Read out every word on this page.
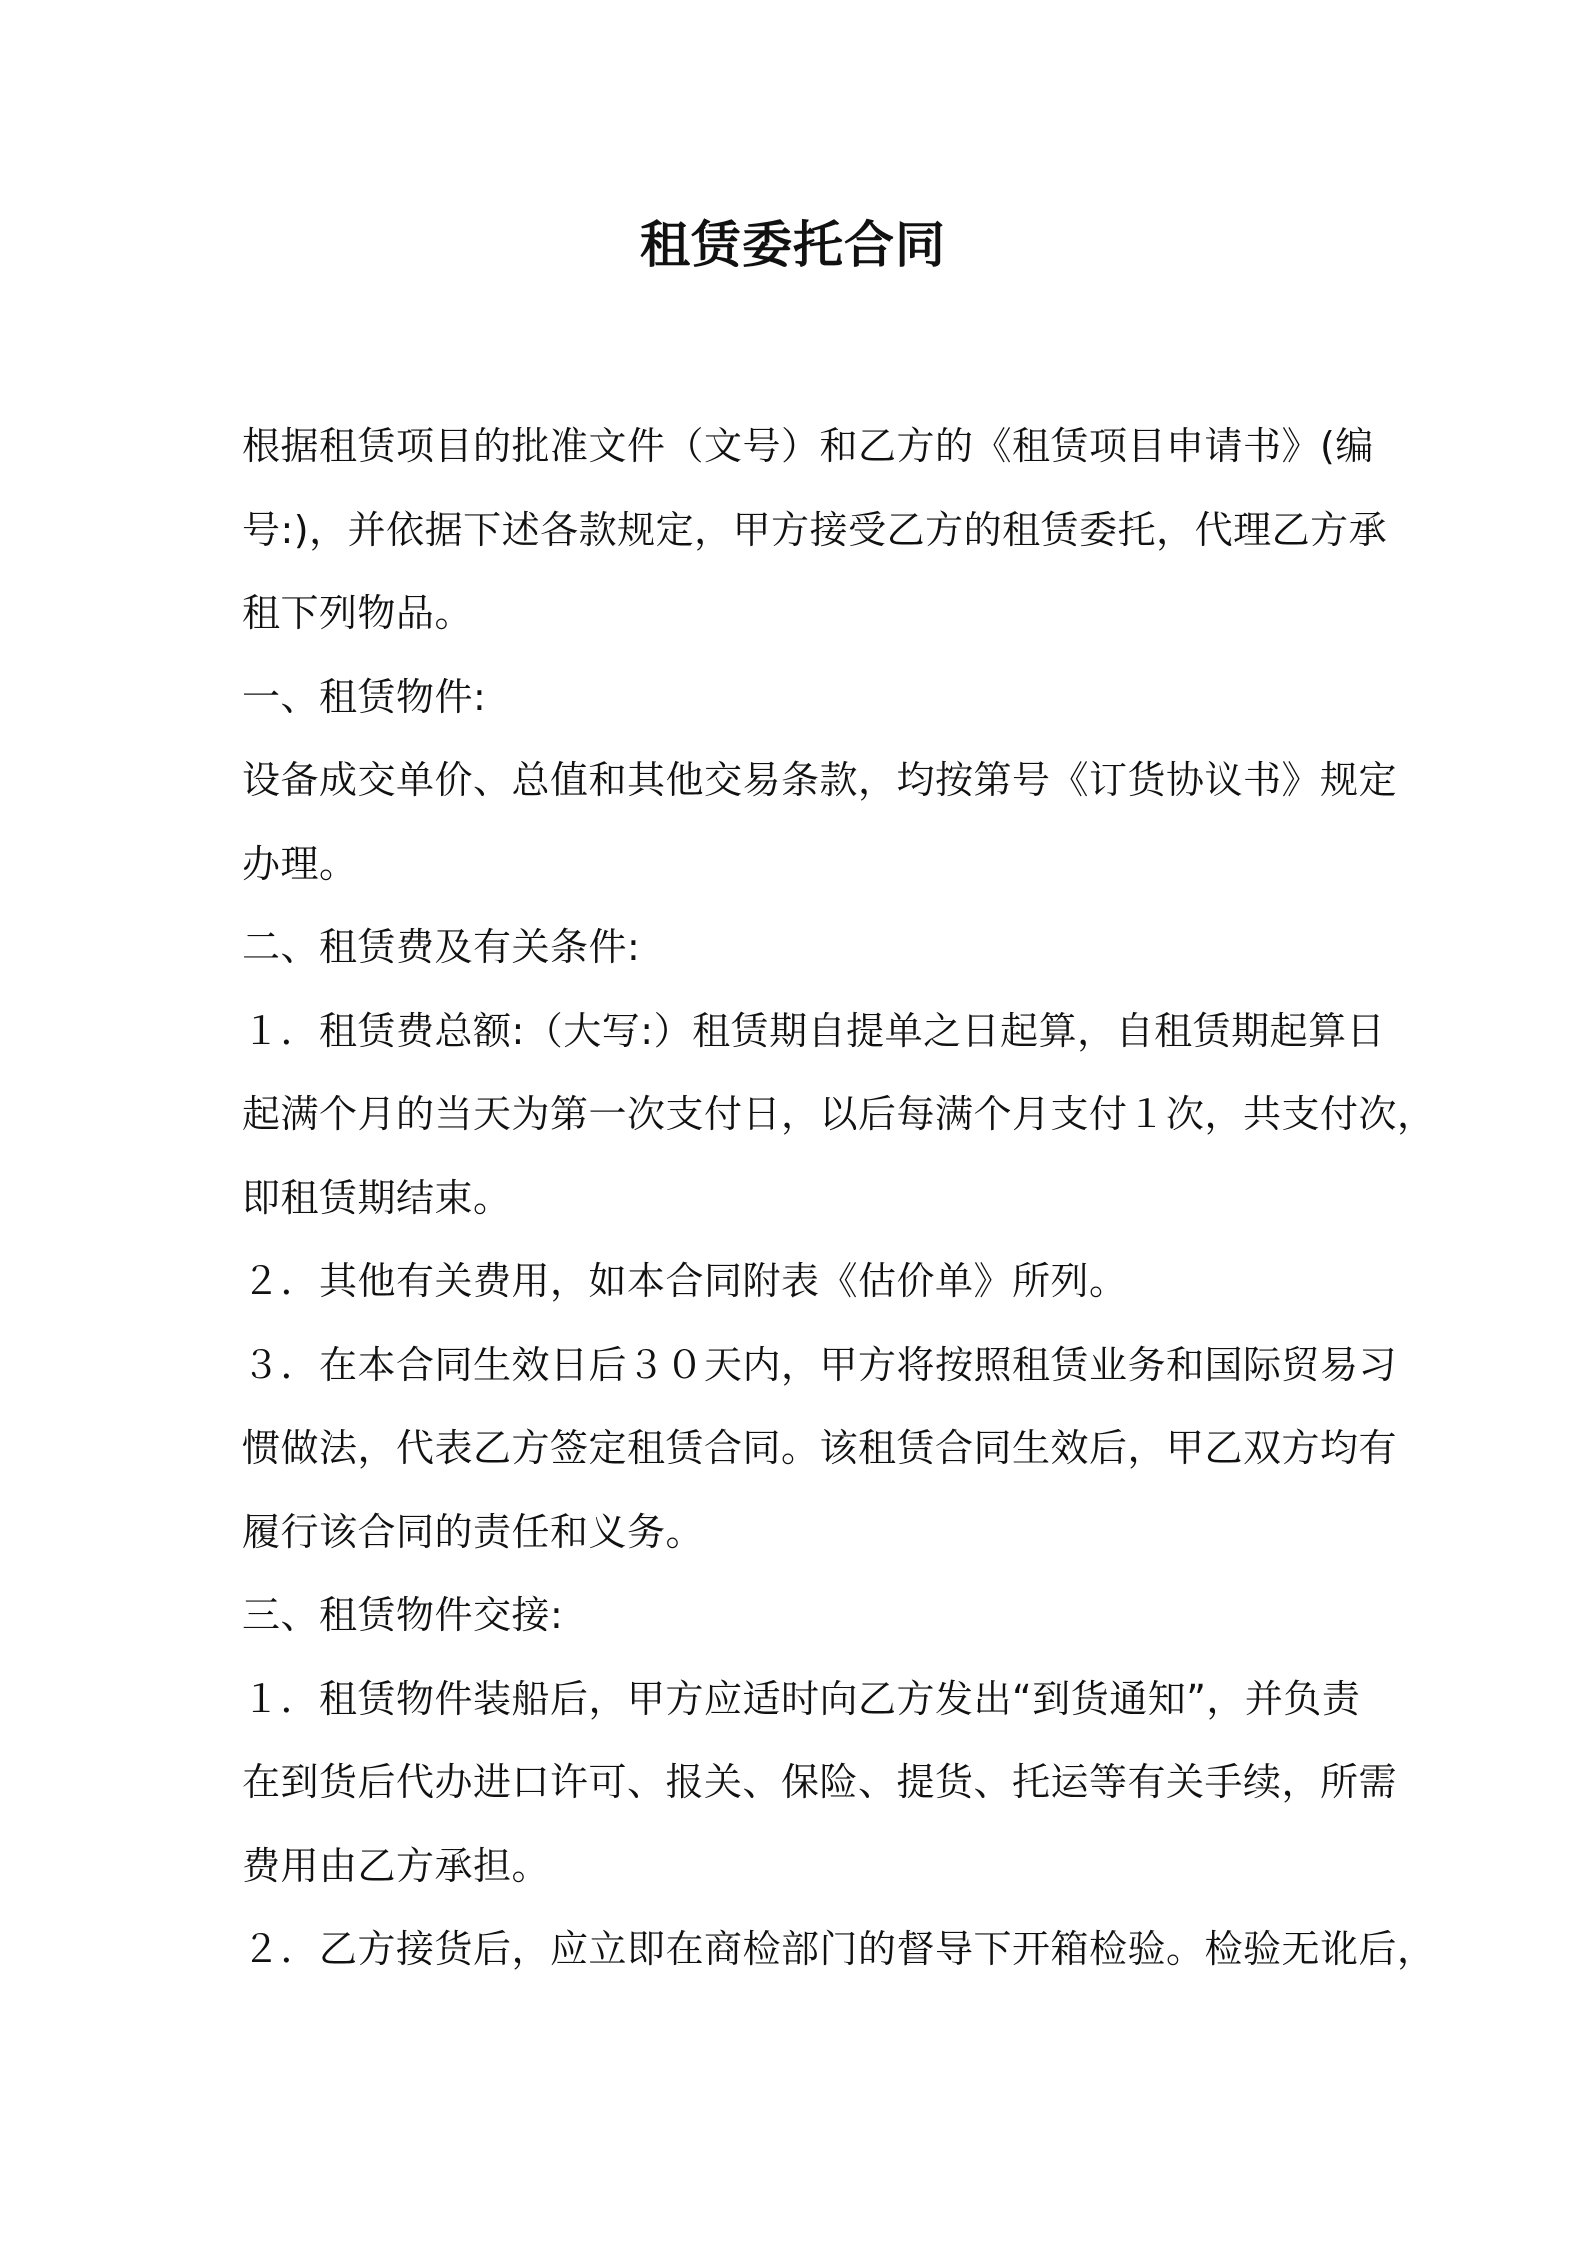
租赁委托合同
根据租赁项目的批准文件（文号）和乙方的《租赁项目申请书》(编
号:)，并依据下述各款规定，甲方接受乙方的租赁委托，代理乙方承
租下列物品。
一、租赁物件:
设备成交单价、总值和其他交易条款，均按第号《订货协议书》规定
办理。
二、租赁费及有关条件:
１．租赁费总额:（大写:）租赁期自提单之日起算，自租赁期起算日
起满个月的当天为第一次支付日，以后每满个月支付１次，共支付次，
即租赁期结束。
２．其他有关费用，如本合同附表《估价单》所列。
３．在本合同生效日后３０天内，甲方将按照租赁业务和国际贸易习
惯做法，代表乙方签定租赁合同。该租赁合同生效后，甲乙双方均有
履行该合同的责任和义务。
三、租赁物件交接:
１．租赁物件装船后，甲方应适时向乙方发出“到货通知”，并负责
在到货后代办进口许可、报关、保险、提货、托运等有关手续，所需
费用由乙方承担。
２．乙方接货后，应立即在商检部门的督导下开箱检验。检验无讹后，
